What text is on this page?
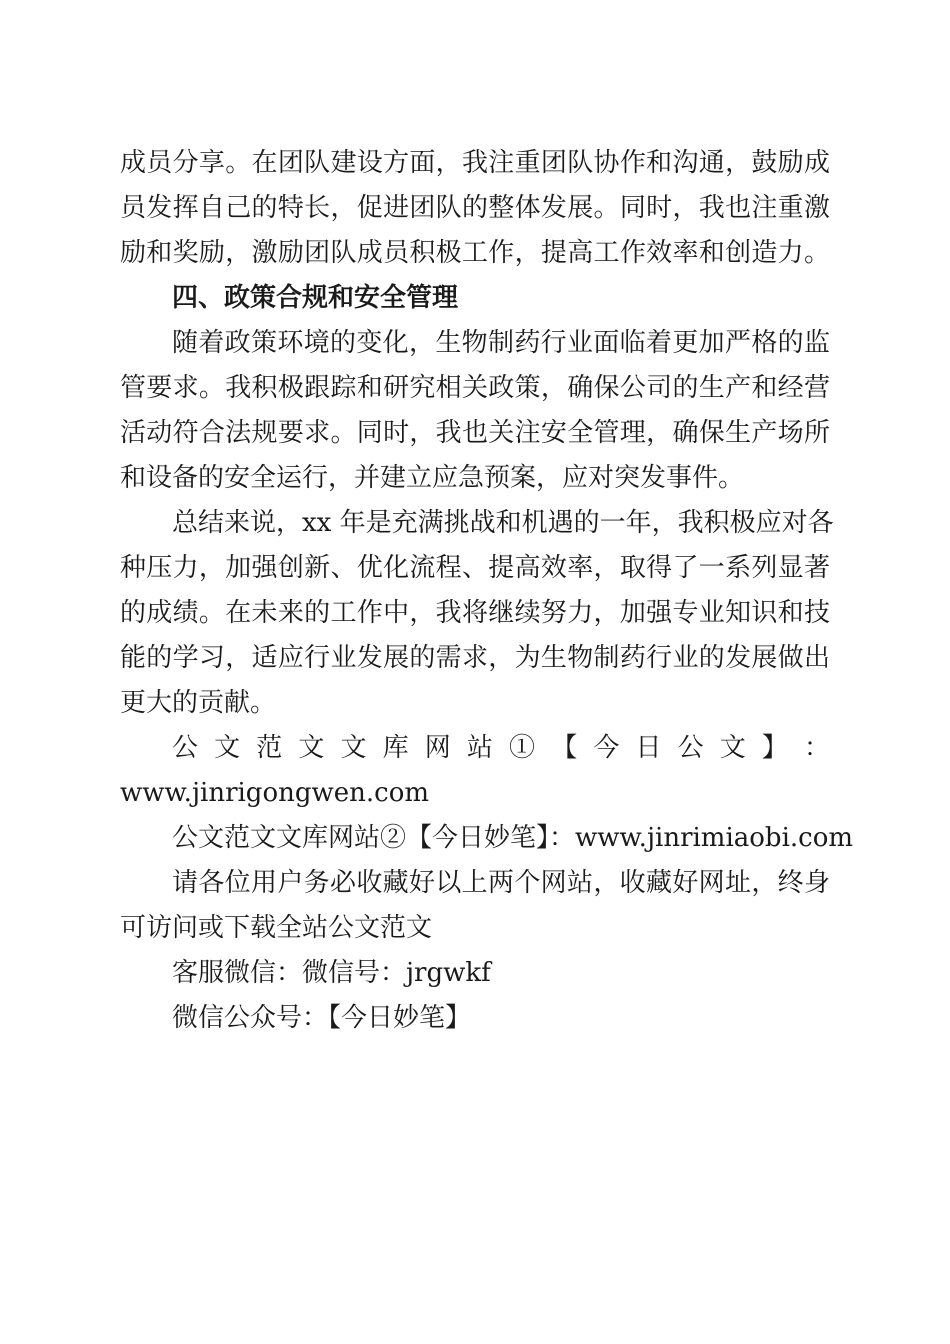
成员分享。在团队建设方面，我注重团队协作和沟通，鼓励成
员发挥自己的特长，促进团队的整体发展。同时，我也注重激
励和奖励，激励团队成员积极工作，提高工作效率和创造力。
四、政策合规和安全管理
随着政策环境的变化，生物制药行业面临着更加严格的监
管要求。我积极跟踪和研究相关政策，确保公司的生产和经营
活动符合法规要求。同时，我也关注安全管理，确保生产场所
和设备的安全运行，并建立应急预案，应对突发事件。
总结来说，xx 年是充满挑战和机遇的一年，我积极应对各
种压力，加强创新、优化流程、提高效率，取得了一系列显著
的成绩。在未来的工作中，我将继续努力，加强专业知识和技
能的学习，适应行业发展的需求，为生物制药行业的发展做出
更大的贡献。
公 文 范 文 文 库 网 站 ① 【 今 日 公 文 】 ：
www.jinrigongwen.com
公文范文文库网站②【今日妙笔】：www.jinrimiaobi.com
请各位用户务必收藏好以上两个网站，收藏好网址，终身
可访问或下载全站公文范文
客服微信：微信号：jrgwkf
微信公众号：【今日妙笔】
